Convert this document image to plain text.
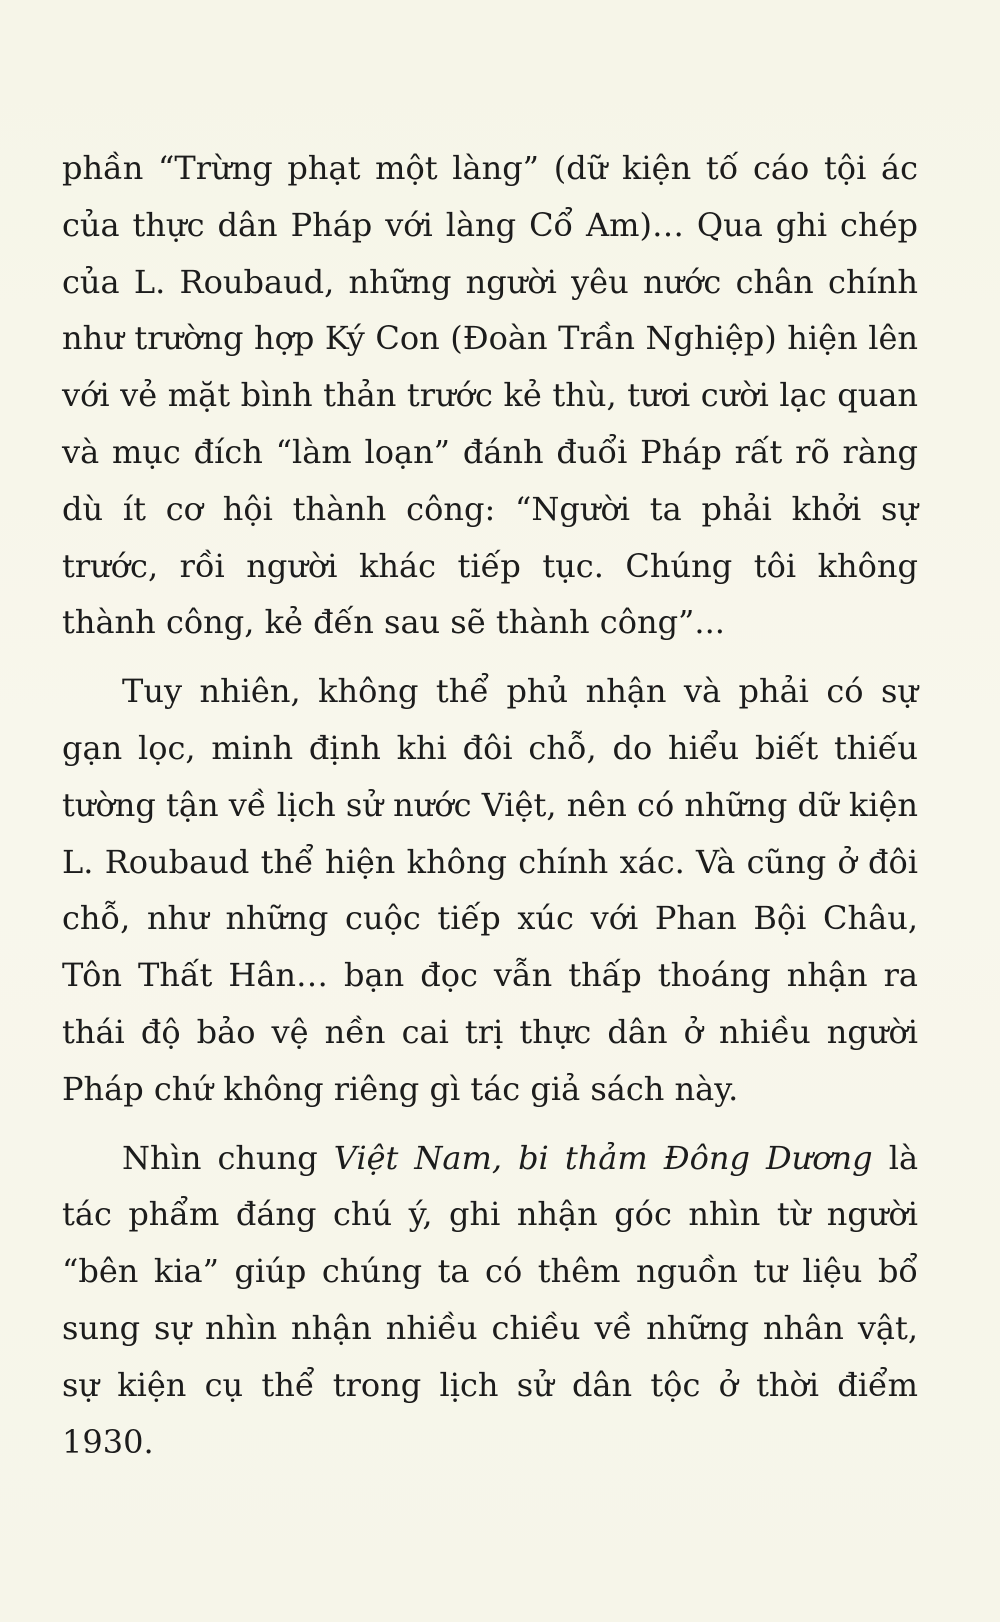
phần “Trừng phạt một làng” (dữ kiện tố cáo tội ác của thực dân Pháp với làng Cổ Am)… Qua ghi chép của L. Roubaud, những người yêu nước chân chính như trường hợp Ký Con (Đoàn Trần Nghiệp) hiện lên với vẻ mặt bình thản trước kẻ thù, tươi cười lạc quan và mục đích “làm loạn” đánh đuổi Pháp rất rõ ràng dù ít cơ hội thành công: “Người ta phải khởi sự trước, rồi người khác tiếp tục. Chúng tôi không thành công, kẻ đến sau sẽ thành công”...

Tuy nhiên, không thể phủ nhận và phải có sự gạn lọc, minh định khi đôi chỗ, do hiểu biết thiếu tường tận về lịch sử nước Việt, nên có những dữ kiện L. Roubaud thể hiện không chính xác. Và cũng ở đôi chỗ, như những cuộc tiếp xúc với Phan Bội Châu, Tôn Thất Hân… bạn đọc vẫn thấp thoáng nhận ra thái độ bảo vệ nền cai trị thực dân ở nhiều người Pháp chứ không riêng gì tác giả sách này.

Nhìn chung Việt Nam, bi thảm Đông Dương là tác phẩm đáng chú ý, ghi nhận góc nhìn từ người “bên kia” giúp chúng ta có thêm nguồn tư liệu bổ sung sự nhìn nhận nhiều chiều về những nhân vật, sự kiện cụ thể trong lịch sử dân tộc ở thời điểm 1930.
